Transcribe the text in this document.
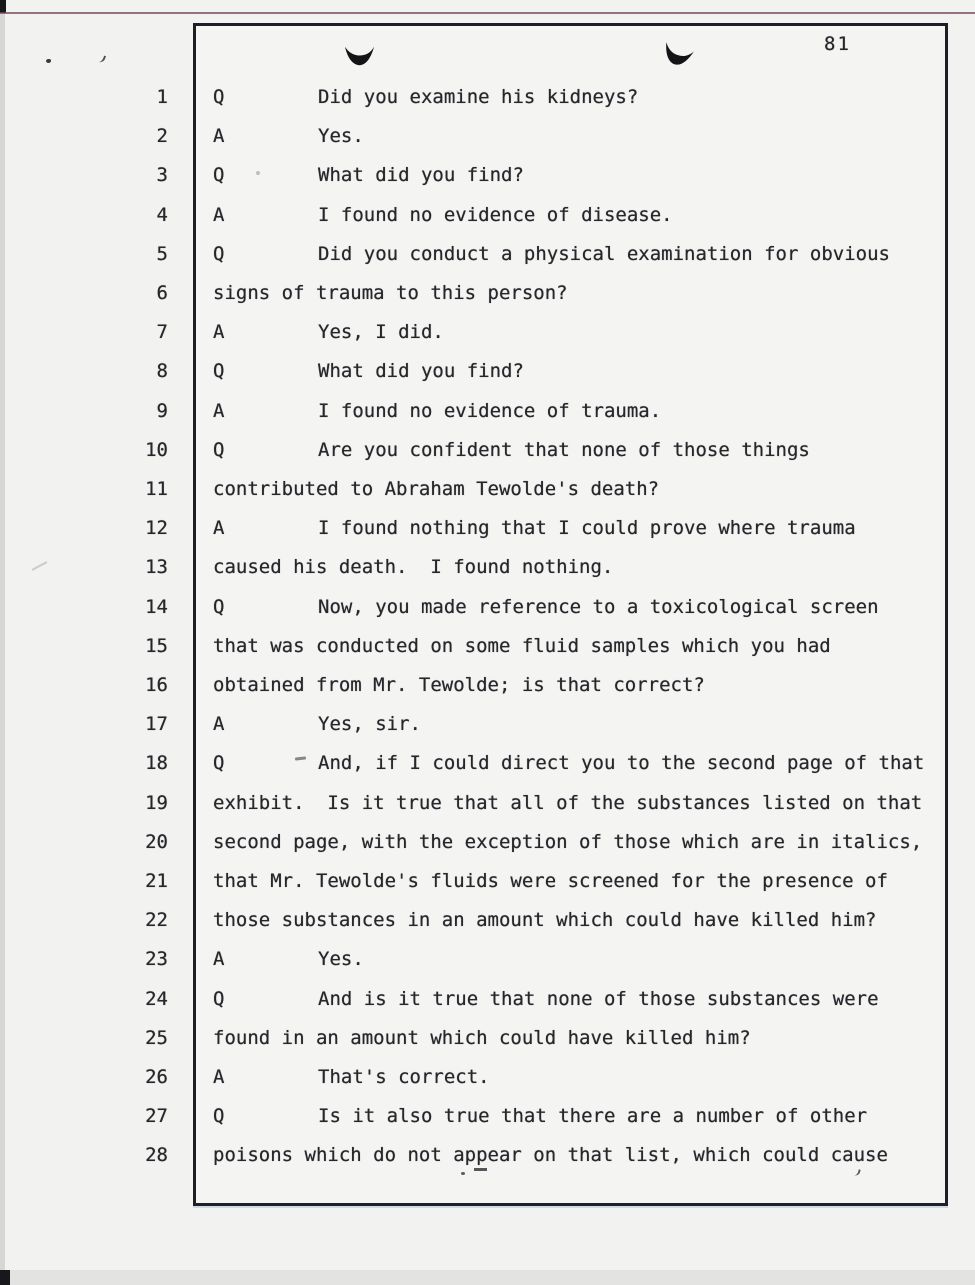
81
1 Q	Did you examine his kidneys?
2 A	Yes.
3 Q	What did you find?
4 A	I found no evidence of disease.
5 Q	Did you conduct a physical examination for obvious
6 signs of trauma to this person?
7 A	Yes, I did.
8 Q	What did you find?
9 A	I found no evidence of trauma.
10 Q	Are you confident that none of those things
11 contributed to Abraham Tewolde's death?
12 A	I found nothing that I could prove where trauma
13 caused his death.  I found nothing.
14 Q	Now, you made reference to a toxicological screen
15 that was conducted on some fluid samples which you had
16 obtained from Mr. Tewolde; is that correct?
17 A	Yes, sir.
18 Q	And, if I could direct you to the second page of that
19 exhibit.  Is it true that all of the substances listed on that
20 second page, with the exception of those which are in italics,
21 that Mr. Tewolde's fluids were screened for the presence of
22 those substances in an amount which could have killed him?
23 A	Yes.
24 Q	And is it true that none of those substances were
25 found in an amount which could have killed him?
26 A	That's correct.
27 Q	Is it also true that there are a number of other
28 poisons which do not appear on that list, which could cause
